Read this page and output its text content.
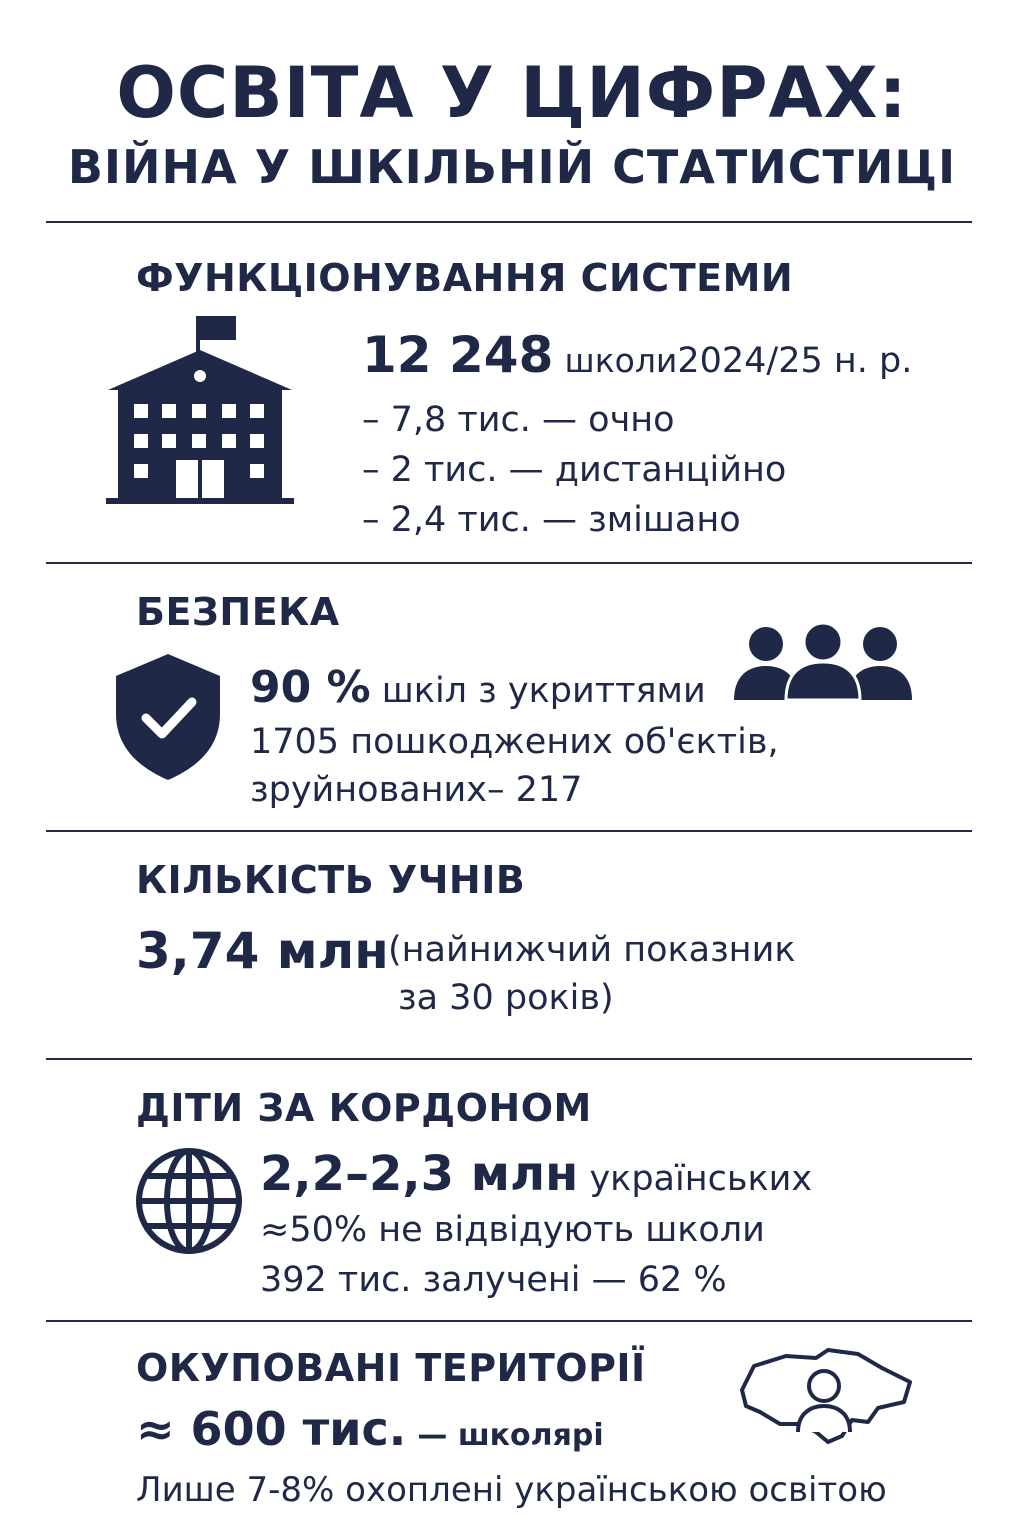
ОСВІТА У ЦИФРАХ:
ВІЙНА У ШКІЛЬНІЙ СТАТИСТИЦІ
ФУНКЦІОНУВАННЯ СИСТЕМИ
12 248 школи2024/25 н. р.
– 7,8 тис. — очно
– 2 тис. — дистанційно
– 2,4 тис. — змішано
БЕЗПЕКА
90 % шкіл з укриттями
1705 пошкоджених об'єктів,
зруйнованих– 217
КІЛЬКІСТЬ УЧНІВ
3,74 млн (найнижчий показник
за 30 років)
ДІТИ ЗА КОРДОНОМ
2,2–2,3 млн українських
≈50% не відвідують школи
392 тис. залучені — 62 %
ОКУПОВАНІ ТЕРИТОРІЇ
≈ 600 тис. — школярі
Лише 7-8% охоплені українською освітою
